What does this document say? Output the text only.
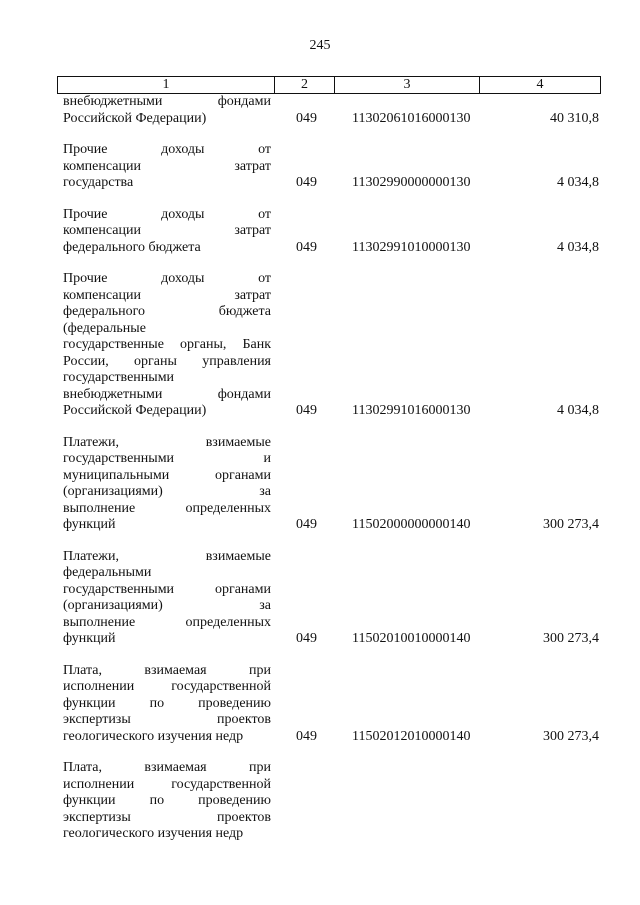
245
1	2	3	4
внебюджетными фондами
Российской Федерации)	049	11302061016000130	40 310,8
Прочие доходы от
компенсации затрат
государства	049	11302990000000130	4 034,8
Прочие доходы от
компенсации затрат
федерального бюджета	049	11302991010000130	4 034,8
Прочие доходы от
компенсации затрат
федерального бюджета
(федеральные
государственные органы, Банк
России, органы управления
государственными
внебюджетными фондами
Российской Федерации)	049	11302991016000130	4 034,8
Платежи, взимаемые
государственными и
муниципальными органами
(организациями) за
выполнение определенных
функций	049	11502000000000140	300 273,4
Платежи, взимаемые
федеральными
государственными органами
(организациями) за
выполнение определенных
функций	049	11502010010000140	300 273,4
Плата, взимаемая при
исполнении государственной
функции по проведению
экспертизы проектов
геологического изучения недр	049	11502012010000140	300 273,4
Плата, взимаемая при
исполнении государственной
функции по проведению
экспертизы проектов
геологического изучения недр
